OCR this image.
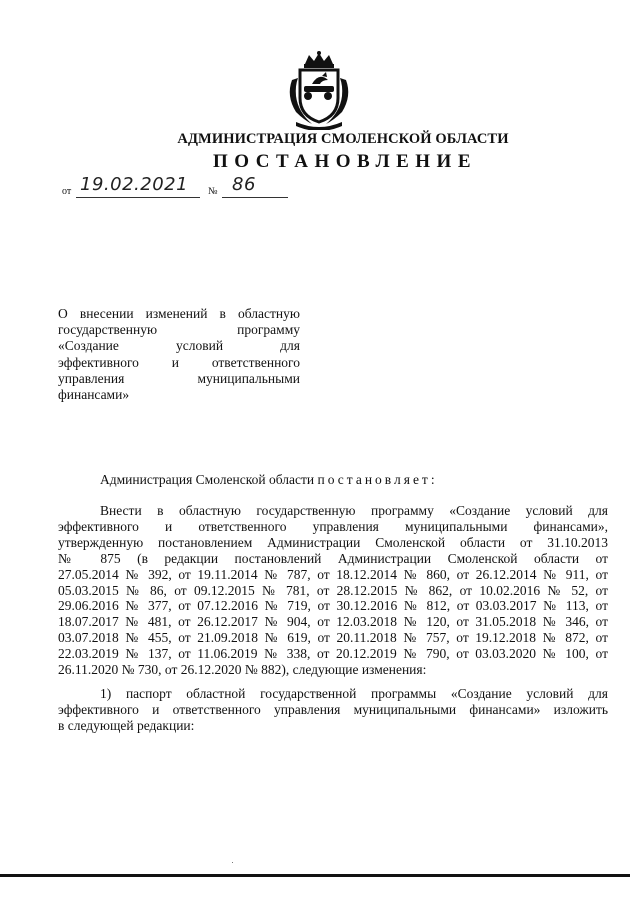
АДМИНИСТРАЦИЯ СМОЛЕНСКОЙ ОБЛАСТИ
ПОСТАНОВЛЕНИЕ
от 19.02.2021 № 86
О внесении изменений в областную
государственную программу
«Создание условий для
эффективного и ответственного
управления муниципальными
финансами»
Администрация Смоленской области постановляет:
Внести в областную государственную программу «Создание условий для
эффективного и ответственного управления муниципальными финансами»,
утвержденную постановлением Администрации Смоленской области от 31.10.2013
№ 875 (в редакции постановлений Администрации Смоленской области от
27.05.2014 № 392, от 19.11.2014 № 787, от 18.12.2014 № 860, от 26.12.2014 № 911, от
05.03.2015 № 86, от 09.12.2015 № 781, от 28.12.2015 № 862, от 10.02.2016 № 52, от
29.06.2016 № 377, от 07.12.2016 № 719, от 30.12.2016 № 812, от 03.03.2017 № 113, от
18.07.2017 № 481, от 26.12.2017 № 904, от 12.03.2018 № 120, от 31.05.2018 № 346, от
03.07.2018 № 455, от 21.09.2018 № 619, от 20.11.2018 № 757, от 19.12.2018 № 872, от
22.03.2019 № 137, от 11.06.2019 № 338, от 20.12.2019 № 790, от 03.03.2020 № 100, от
26.11.2020 № 730, от 26.12.2020 № 882), следующие изменения:
1) паспорт областной государственной программы «Создание условий для
эффективного и ответственного управления муниципальными финансами» изложить
в следующей редакции:
